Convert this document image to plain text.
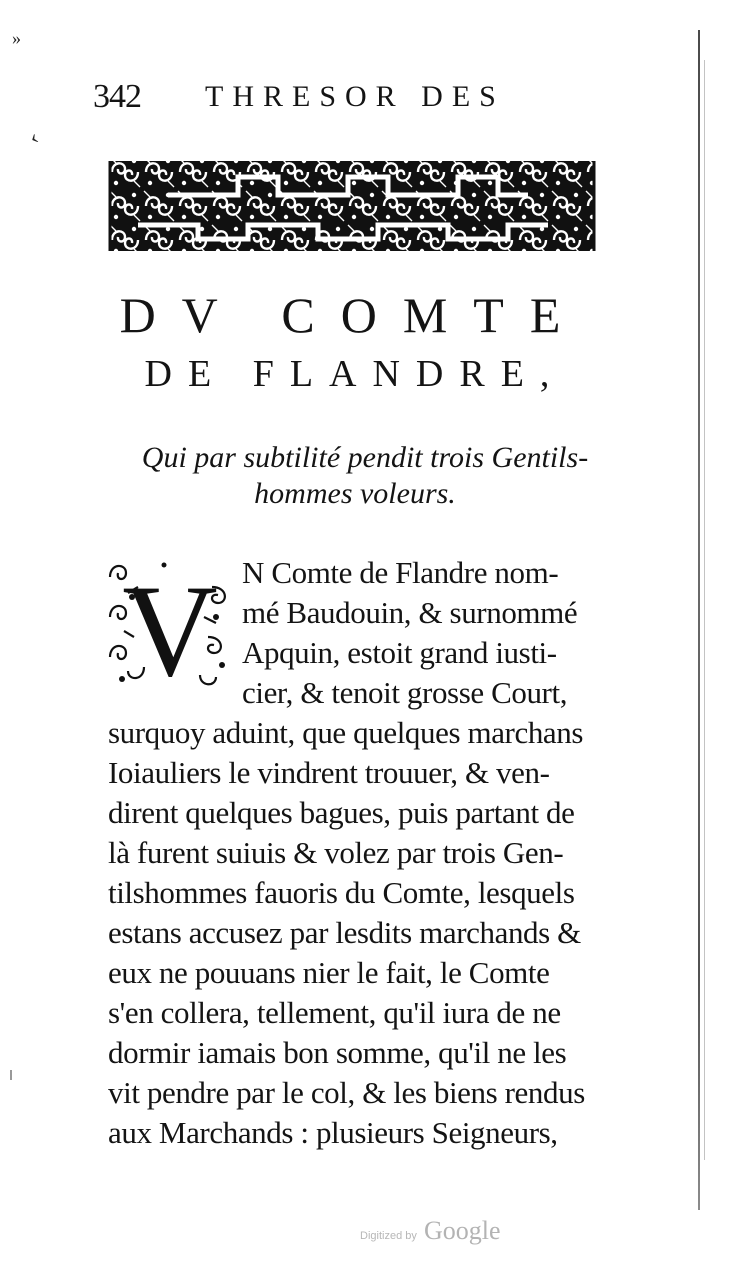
»
‹
342 THRESOR DES
DV COMTE
DE FLANDRE,
Qui par subtilité pendit trois Gentils-
hommes voleurs.
V N Comte de Flandre nom-
mé Baudouin, & surnommé
Apquin, estoit grand iusti-
cier, & tenoit grosse Court,
surquoy aduint, que quelques marchans
Ioiauliers le vindrent trouuer, & ven-
dirent quelques bagues, puis partant de
là furent suiuis & volez par trois Gen-
tilshommes fauoris du Comte, lesquels
estans accusez par lesdits marchands &
eux ne pouuans nier le fait, le Comte
s'en collera, tellement, qu'il iura de ne
dormir iamais bon somme, qu'il ne les
vit pendre par le col, & les biens rendus
aux Marchands : plusieurs Seigneurs,
Digitized by Google
